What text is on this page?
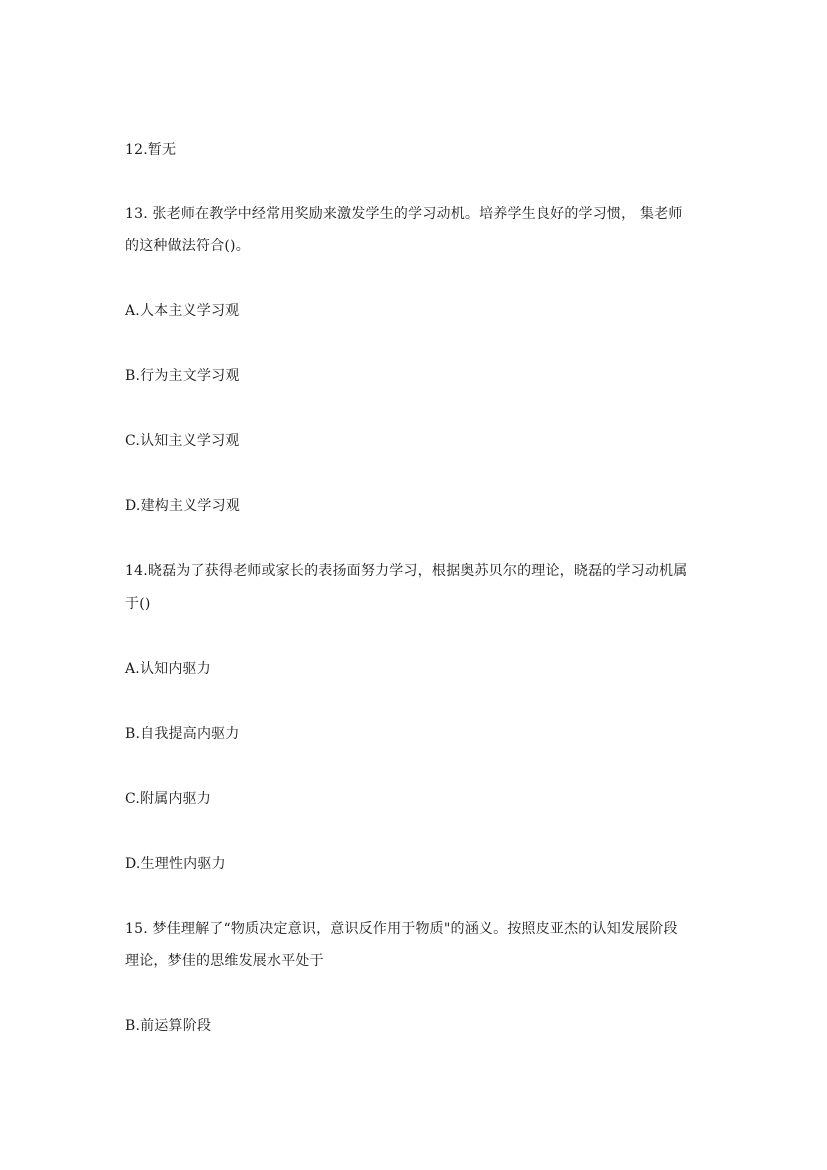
12.暂无
13. 张老师在教学中经常用奖励来激发学生的学习动机。培养学生良好的学习惯， 集老师
的这种做法符合()。
A.人本主义学习观
B.行为主文学习观
C.认知主义学习观
D.建构主义学习观
14.晓磊为了获得老师或家长的表扬面努力学习，根据奥苏贝尔的理论，晓磊的学习动机属
于()
A.认知内驱力
B.自我提高内驱力
C.附属内驱力
D.生理性内驱力
15. 梦佳理解了“物质决定意识，意识反作用于物质"的涵义。按照皮亚杰的认知发展阶段
理论，梦佳的思维发展水平处于
B.前运算阶段
